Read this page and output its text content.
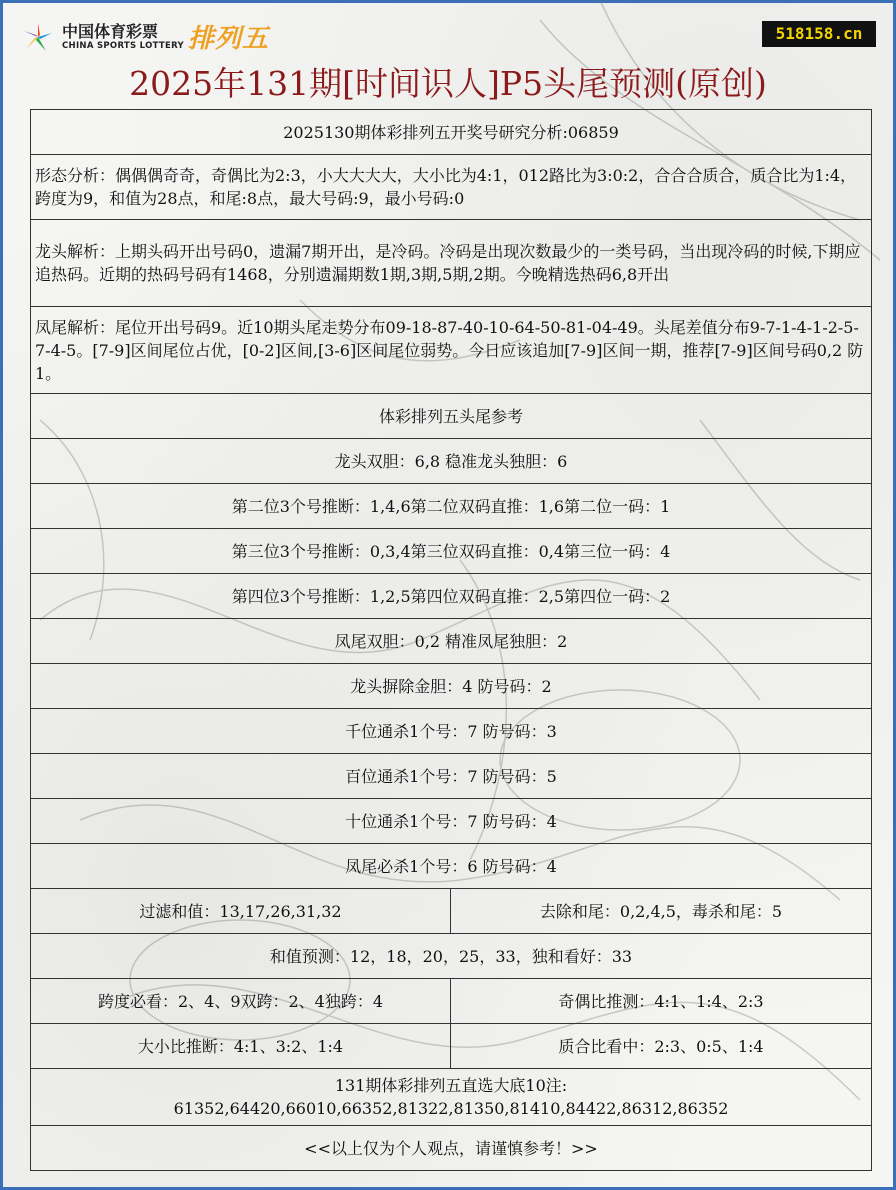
中国体育彩票
CHINA SPORTS LOTTERY 排列五	518158.cn
2025年131期[时间识人]P5头尾预测(原创)
2025130期体彩排列五开奖号研究分析:06859	
形态分析：偶偶偶奇奇，奇偶比为2:3，小大大大大，大小比为4:1，012路比为3:0:2，合合合质合，质合比为1:4，跨度为9，和值为28点，和尾:8点，最大号码:9，最小号码:0	
龙头解析：上期头码开出号码0，遗漏7期开出，是冷码。冷码是出现次数最少的一类号码，当出现冷码的时候,下期应追热码。近期的热码号码有1468，分别遗漏期数1期,3期,5期,2期。今晚精选热码6,8开出	
凤尾解析：尾位开出号码9。近10期头尾走势分布09-18-87-40-10-64-50-81-04-49。头尾差值分布9-7-1-4-1-2-5-7-4-5。[7-9]区间尾位占优，[0-2]区间,[3-6]区间尾位弱势。今日应该追加[7-9]区间一期，推荐[7-9]区间号码0,2 防1。	
体彩排列五头尾参考	
龙头双胆：6,8 稳准龙头独胆：6	
第二位3个号推断：1,4,6第二位双码直推：1,6第二位一码：1	
第三位3个号推断：0,3,4第三位双码直推：0,4第三位一码：4	
第四位3个号推断：1,2,5第四位双码直推：2,5第四位一码：2	
凤尾双胆：0,2 精准凤尾独胆：2	
龙头摒除金胆：4 防号码：2	
千位通杀1个号：7 防号码：3	
百位通杀1个号：7 防号码：5	
十位通杀1个号：7 防号码：4	
凤尾必杀1个号：6 防号码：4	
过滤和值：13,17,26,31,32	去除和尾：0,2,4,5，毒杀和尾：5
和值预测：12，18，20，25，33，独和看好：33	
跨度必看：2、4、9双跨：2、4独跨：4	奇偶比推测：4:1、1:4、2:3
大小比推断：4:1、3:2、1:4	质合比看中：2:3、0:5、1:4

131期体彩排列五直选大底10注:
61352,64420,66010,66352,81322,81350,81410,84422,86312,86352	

<<以上仅为个人观点，请谨慎参考！>>	
